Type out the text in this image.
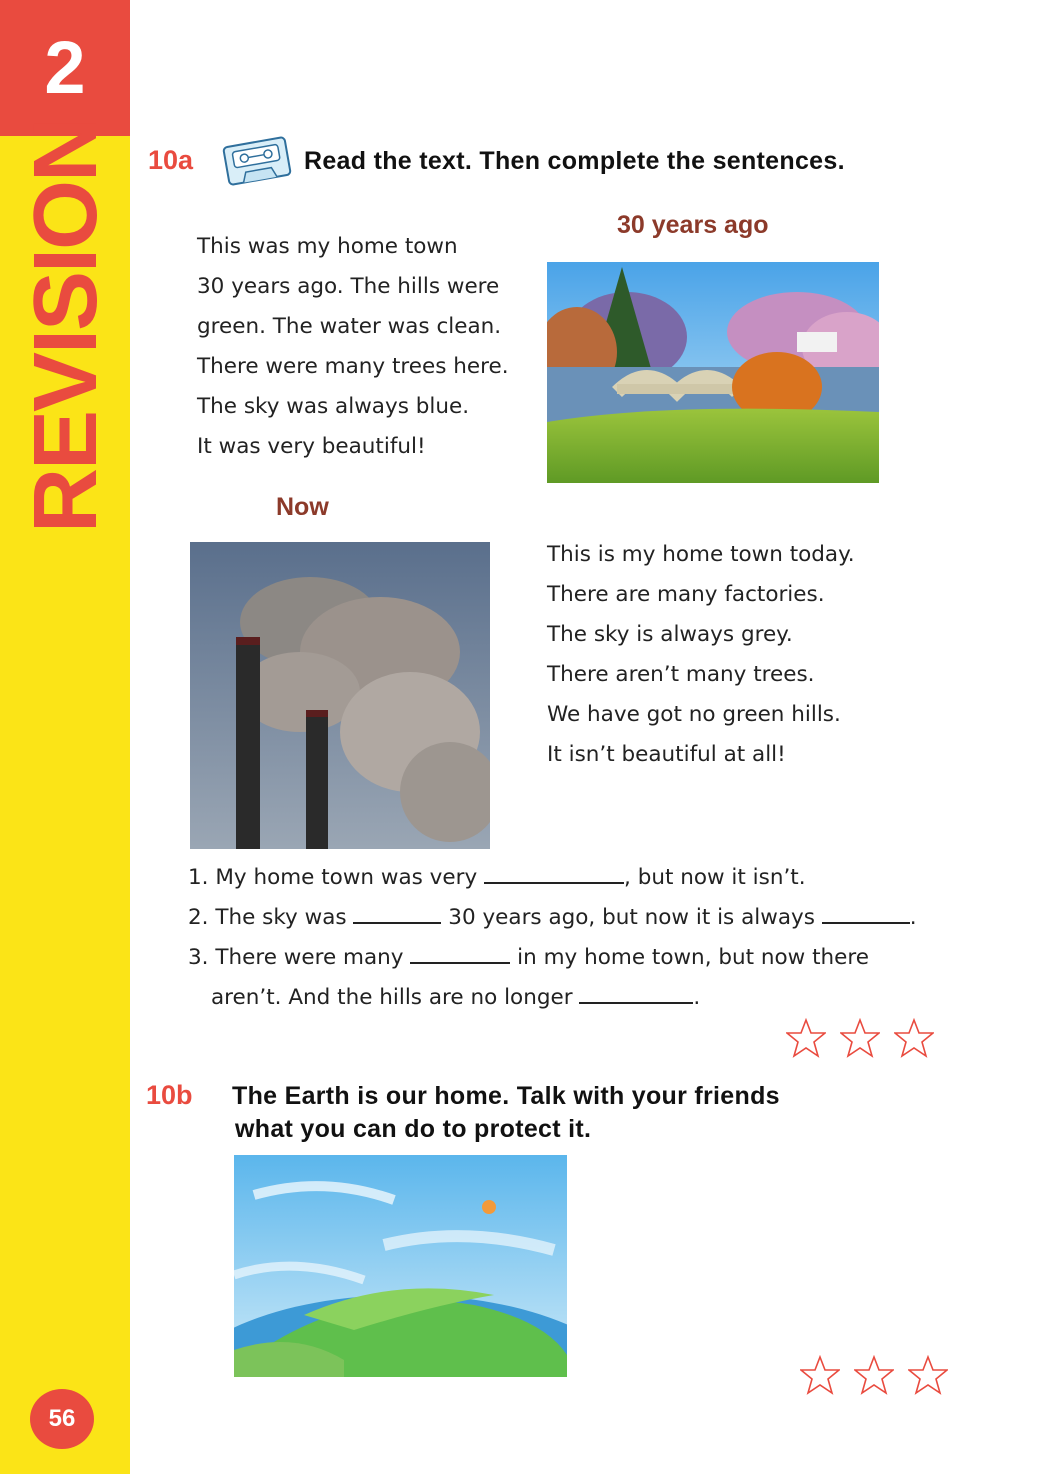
2
REVISION
56
10a	Read the text. Then complete the sentences.
This was my home town
30 years ago. The hills were
green. The water was clean.
There were many trees here.
The sky was always blue.
It was very beautiful!
30 years ago
Now
This is my home town today.
There are many factories.
The sky is always grey.
There aren’t many trees.
We have got no green hills.
It isn’t beautiful at all!
1. My home town was very	, but now it isn’t.
2. The sky was	30 years ago, but now it is always	.
3. There were many	in my home town, but now there
aren’t. And the hills are no longer	.
10b The Earth is our home. Talk with your friends
what you can do to protect it.
